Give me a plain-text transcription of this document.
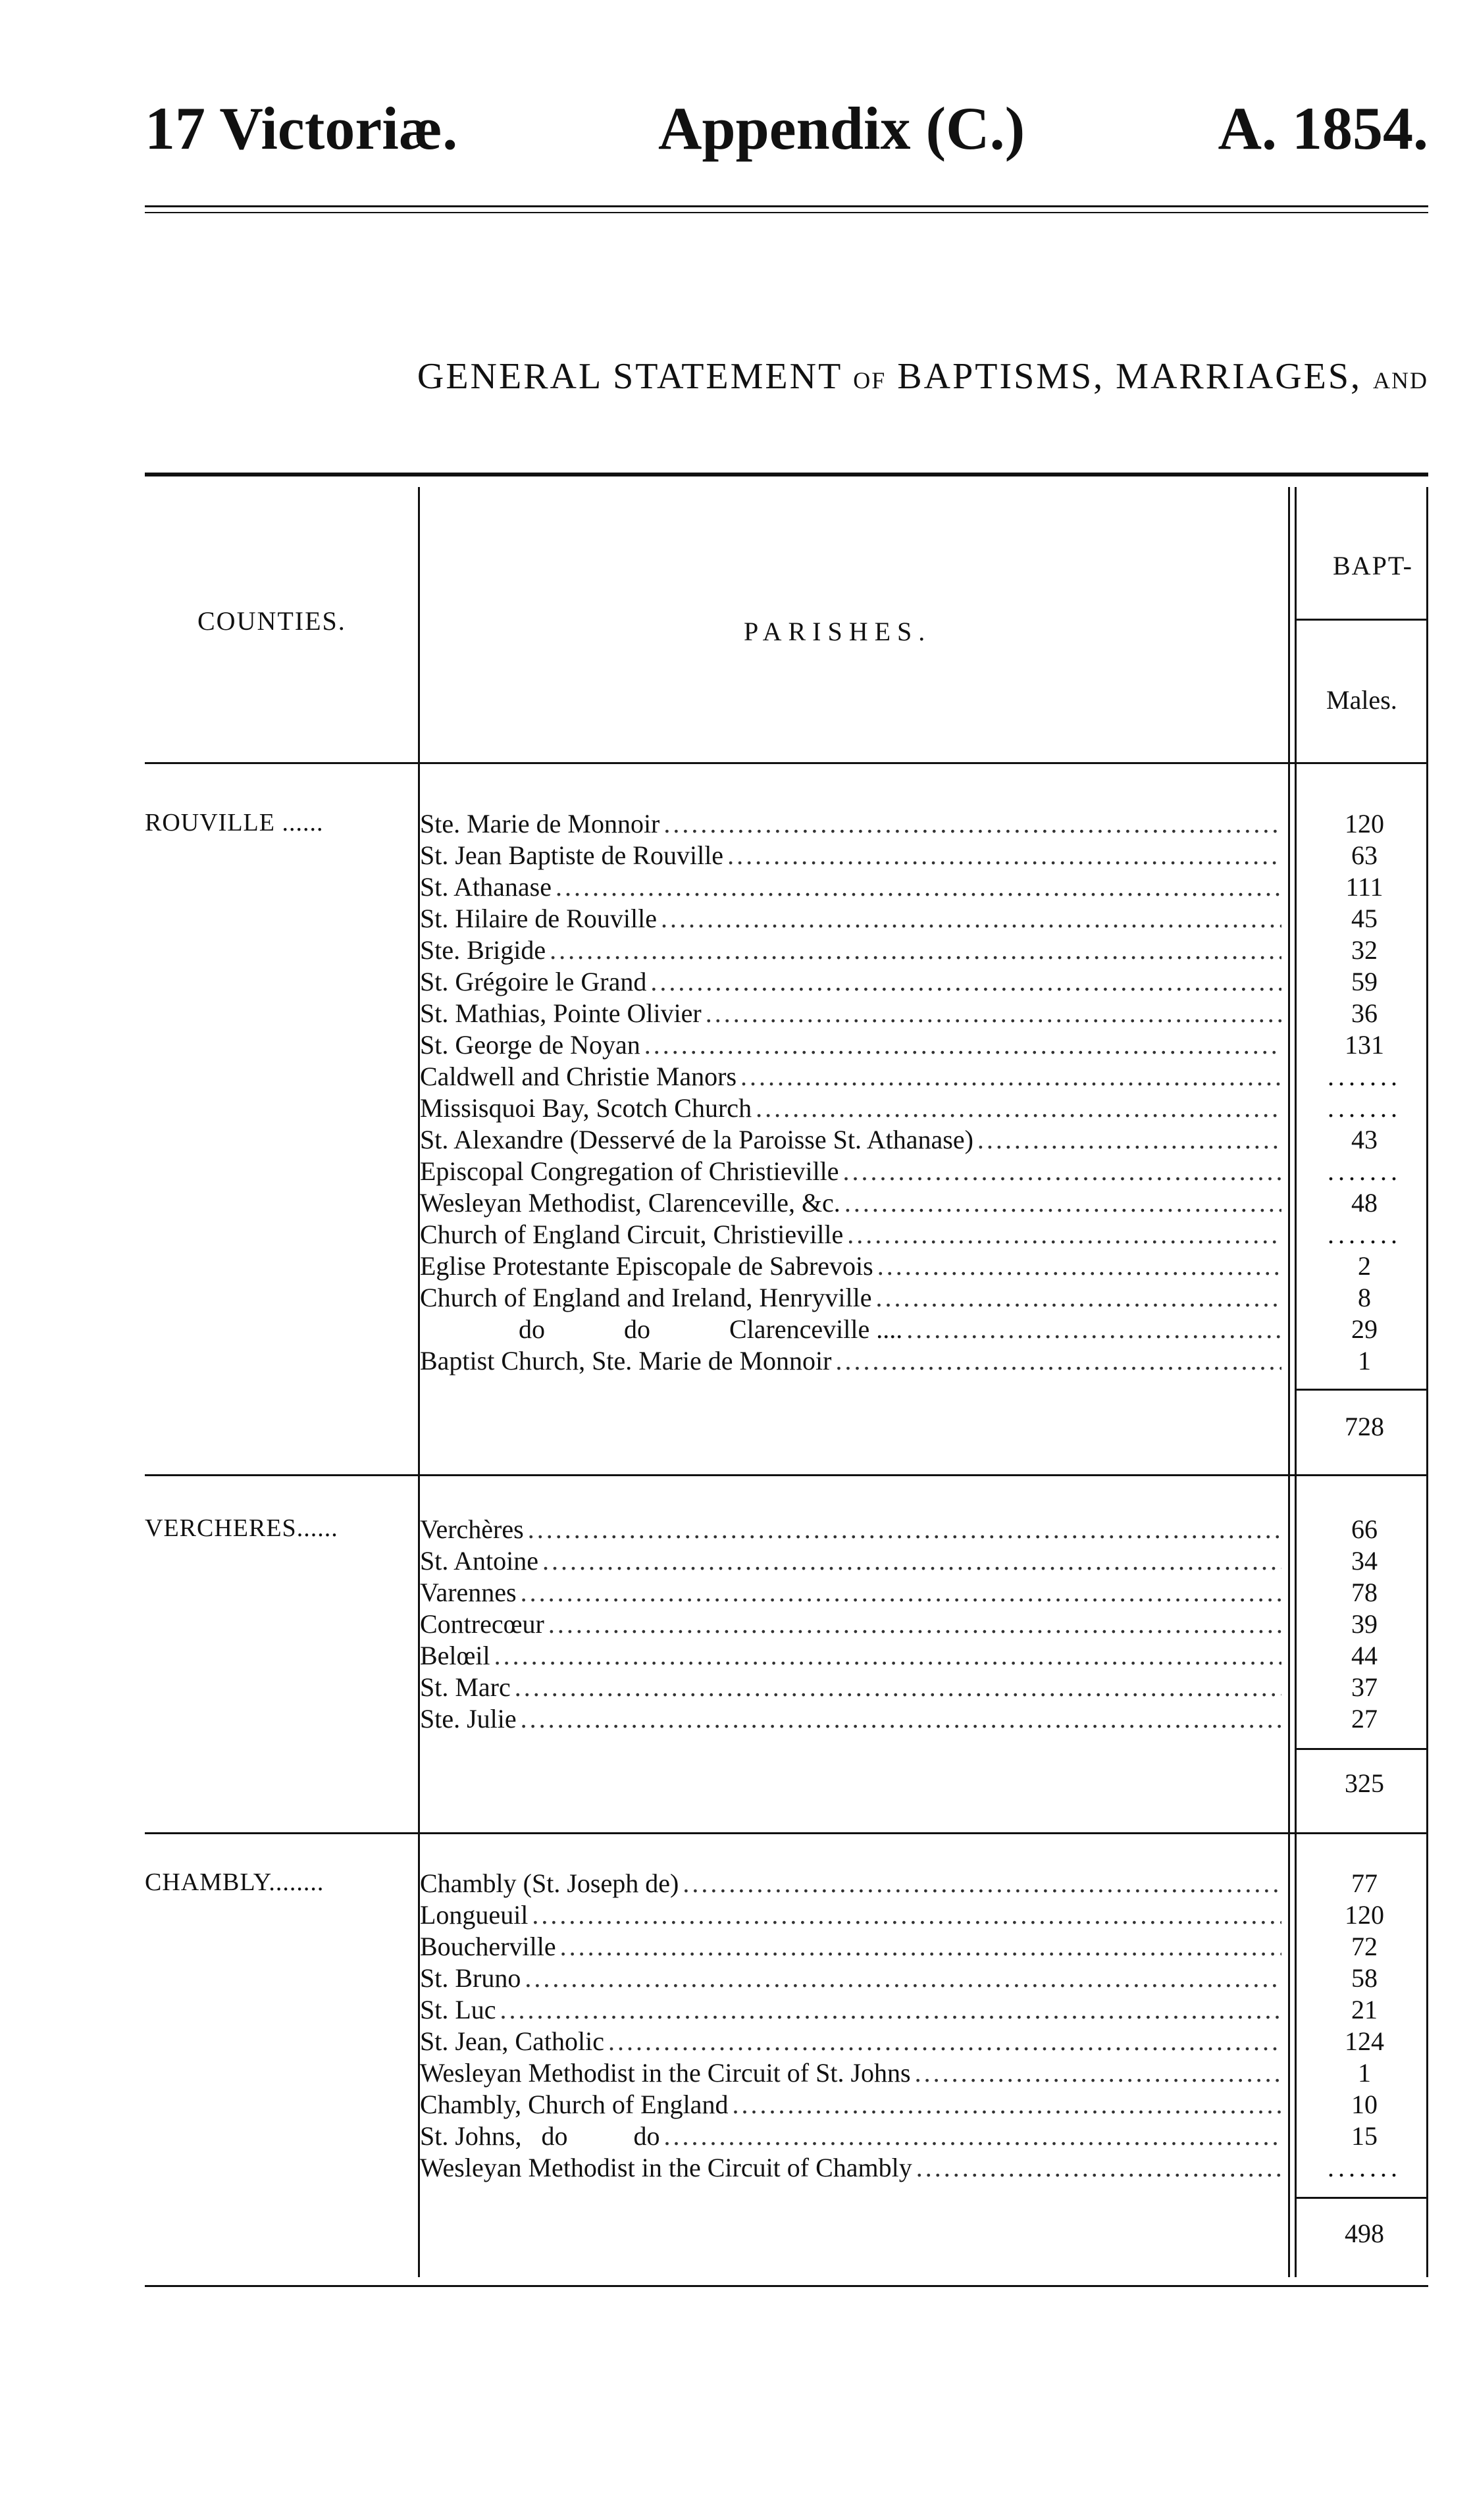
17 Victoriæ.	Appendix (C.)	A. 1854.
GENERAL STATEMENT OF BAPTISMS, MARRIAGES, AND
COUNTIES.	PARISHES.
BAPT-
Males.
ROUVILLE ......	Ste. Marie de Monnoir .....	120
St. Jean Baptiste de Rouville .....	63
St. Athanase .....	111
St. Hilaire de Rouville .....	45
Ste. Brigide .....	32
St. Grégoire le Grand .....	59
St. Mathias, Pointe Olivier .....	36
St. George de Noyan .....	131
Caldwell and Christie Manors .....	.......
Missisquoi Bay, Scotch Church .....	.......
St. Alexandre (Desservé de la Paroisse St. Athanase) .....	43
Episcopal Congregation of Christieville .....	.......
Wesleyan Methodist, Clarenceville, &c. .....	48
Church of England Circuit, Christieville .....	.......
Eglise Protestante Episcopale de Sabrevois .....	2
Church of England and Ireland, Henryville .....	8
do            do            Clarenceville .... .....	29
Baptist Church, Ste. Marie de Monnoir .....	1
728
VERCHERES......	Verchères .....	66
St. Antoine .....	34
Varennes .....	78
Contrecœur .....	39
Belœil .....	44
St. Marc .....	37
Ste. Julie .....	27
325
CHAMBLY........	Chambly (St. Joseph de) .....	77
Longueuil .....	120
Boucherville .....	72
St. Bruno .....	58
St. Luc .....	21
St. Jean, Catholic .....	124
Wesleyan Methodist in the Circuit of St. Johns .....	1
Chambly, Church of England .....	10
St. Johns,   do          do .....	15
Wesleyan Methodist in the Circuit of Chambly .....	.......
498
